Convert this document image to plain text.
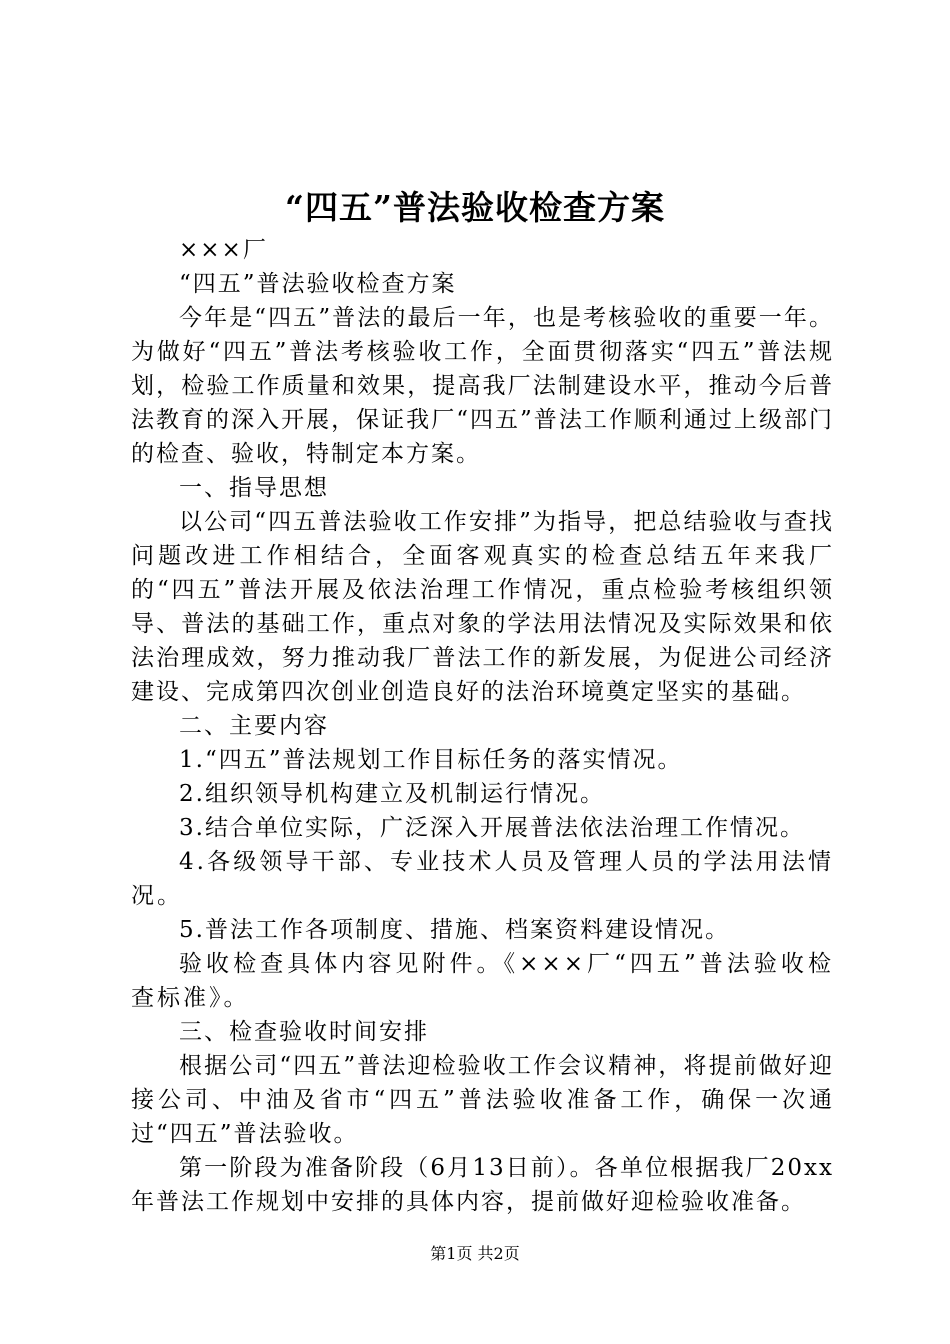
“四五”普法验收检查方案

×××厂

“四五”普法验收检查方案

今年是“四五”普法的最后一年，也是考核验收的重要一年。为做好“四五”普法考核验收工作，全面贯彻落实“四五”普法规划，检验工作质量和效果，提高我厂法制建设水平，推动今后普法教育的深入开展，保证我厂“四五”普法工作顺利通过上级部门的检查、验收，特制定本方案。

一、指导思想

以公司“四五普法验收工作安排”为指导，把总结验收与查找问题改进工作相结合，全面客观真实的检查总结五年来我厂的“四五”普法开展及依法治理工作情况，重点检验考核组织领导、普法的基础工作，重点对象的学法用法情况及实际效果和依法治理成效，努力推动我厂普法工作的新发展，为促进公司经济建设、完成第四次创业创造良好的法治环境奠定坚实的基础。

二、主要内容

1.“四五”普法规划工作目标任务的落实情况。

2.组织领导机构建立及机制运行情况。

3.结合单位实际，广泛深入开展普法依法治理工作情况。

4.各级领导干部、专业技术人员及管理人员的学法用法情况。

5.普法工作各项制度、措施、档案资料建设情况。

验收检查具体内容见附件。《×××厂“四五”普法验收检查标准》。

三、检查验收时间安排

根据公司“四五”普法迎检验收工作会议精神，将提前做好迎接公司、中油及省市“四五”普法验收准备工作，确保一次通过“四五”普法验收。

第一阶段为准备阶段（6月13日前）。各单位根据我厂20xx年普法工作规划中安排的具体内容，提前做好迎检验收准备。

第1页 共2页
